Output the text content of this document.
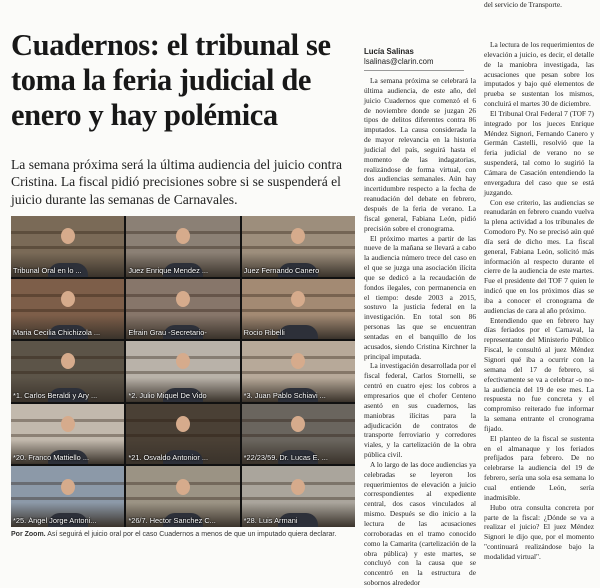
Cuadernos: el tribunal se toma la feria judicial de enero y hay polémica

La semana próxima será la última audiencia del juicio contra Cristina. La fiscal pidió precisiones sobre si se suspenderá el juicio durante las semanas de Carnavales.

Tribunal Oral en lo ...	Juez Enrique Mendez ...	Juez Fernando Canero
Maria Cecilia Chichizola ...	Efrain Grau -Secretario-	Rocio Ribelli
*1. Carlos Beraldi y Ary ...	*2. Julio Miquel De Vido	*3. Juan Pablo Schiavi ...
*20. Franco Mattiello ...	*21. Osvaldo Antonior ...	*22/23/59. Dr. Lucas E. ...
*25. Ángel Jorge Antoni...	*26/7. Hector Sanchez C...	*28. Luis Armani

Por Zoom. Así seguirá el juicio oral por el caso Cuadernos a menos de que un imputado quiera declarar.

Lucía Salinas
lsalinas@clarin.com
del servicio de Transporte.

La semana próxima se celebrará la última audiencia, de este año, del juicio Cuadernos que comenzó el 6 de noviembre donde se juzgan 26 tipos de delitos diferentes contra 86 imputados. La causa considerada la de mayor relevancia en la historia judicial del país, seguirá hasta el momento de las indagatorias, realizándose de forma virtual, con dos audiencias semanales. Aún hay incertidumbre respecto a la fecha de reanudación del debate en febrero, después de la feria de verano. La fiscal general, Fabiana León, pidió precisión sobre el cronograma.

El próximo martes a partir de las nueve de la mañana se llevará a cabo la audiencia número trece del caso en el que se juzga una asociación ilícita que se dedicó a la recaudación de fondos ilegales, con permanencia en el tiempo: desde 2003 a 2015, sostuvo la justicia federal en la investigación. En total son 86 personas las que se encuentran sentadas en el banquillo de los acusados, siendo Cristina Kirchner la principal imputada.

La investigación desarrollada por el fiscal federal, Carlos Stornelli, se centró en cuatro ejes: los cobros a empresarios que el chofer Centeno asentó en sus cuadernos, las maniobras ilícitas para la adjudicación de contratos de transporte ferroviario y corredores viales, y la cartelización de la obra pública civil.

A lo largo de las doce audiencias ya celebradas se leyeron los requerimientos de elevación a juicio correspondientes al expediente central, dos casos vinculados al mismo. Después se dio inicio a la lectura de las acusaciones corroboradas en el tramo conocido como la Camarita (cartelización de la obra pública) y este martes, se concluyó con la causa que se concentró en la estructura de sobornos alrededor

La lectura de los requerimientos de elevación a juicio, es decir, el detalle de la maniobra investigada, las acusaciones que pesan sobre los imputados y bajo qué elementos de prueba se sustentan los mismos, concluirá el martes 30 de diciembre.

El Tribunal Oral Federal 7 (TOF 7) integrado por los jueces Enrique Méndez Signori, Fernando Canero y Germán Castelli, resolvió que la feria judicial de verano no se suspenderá, tal como lo sugirió la Cámara de Casación entendiendo la envergadura del caso que se está juzgando.

Con ese criterio, las audiencias se reanudarán en febrero cuando vuelva la plena actividad a los tribunales de Comodoro Py. No se precisó aún qué día será de dicho mes. La fiscal general, Fabiana León, solicitó más información al respecto durante el cierre de la audiencia de este martes. Fue el presidente del TOF 7 quien le indicó que en los próximos días se iba a conocer el cronograma de audiencias de cara al año próximo.

Entendiendo que en febrero hay días feriados por el Carnaval, la representante del Ministerio Público Fiscal, le consultó al juez Méndez Signori qué iba a ocurrir con la semana del 17 de febrero, si efectivamente se va a celebrar -o no- la audiencia del 19 de ese mes. La respuesta no fue concreta y el compromiso reiterado fue informar la semana entrante el cronograma fijado.

El planteo de la fiscal se sustenta en el almanaque y los feriados prefijados para febrero. De no celebrarse la audiencia del 19 de febrero, sería una sola esa semana lo cual entiende León, sería inadmisible.

Hubo otra consulta concreta por parte de la fiscal: ¿Dónde se va a realizar el juicio? El juez Méndez Signori le dijo que, por el momento "continuará realizándose bajo la modalidad virtual".
